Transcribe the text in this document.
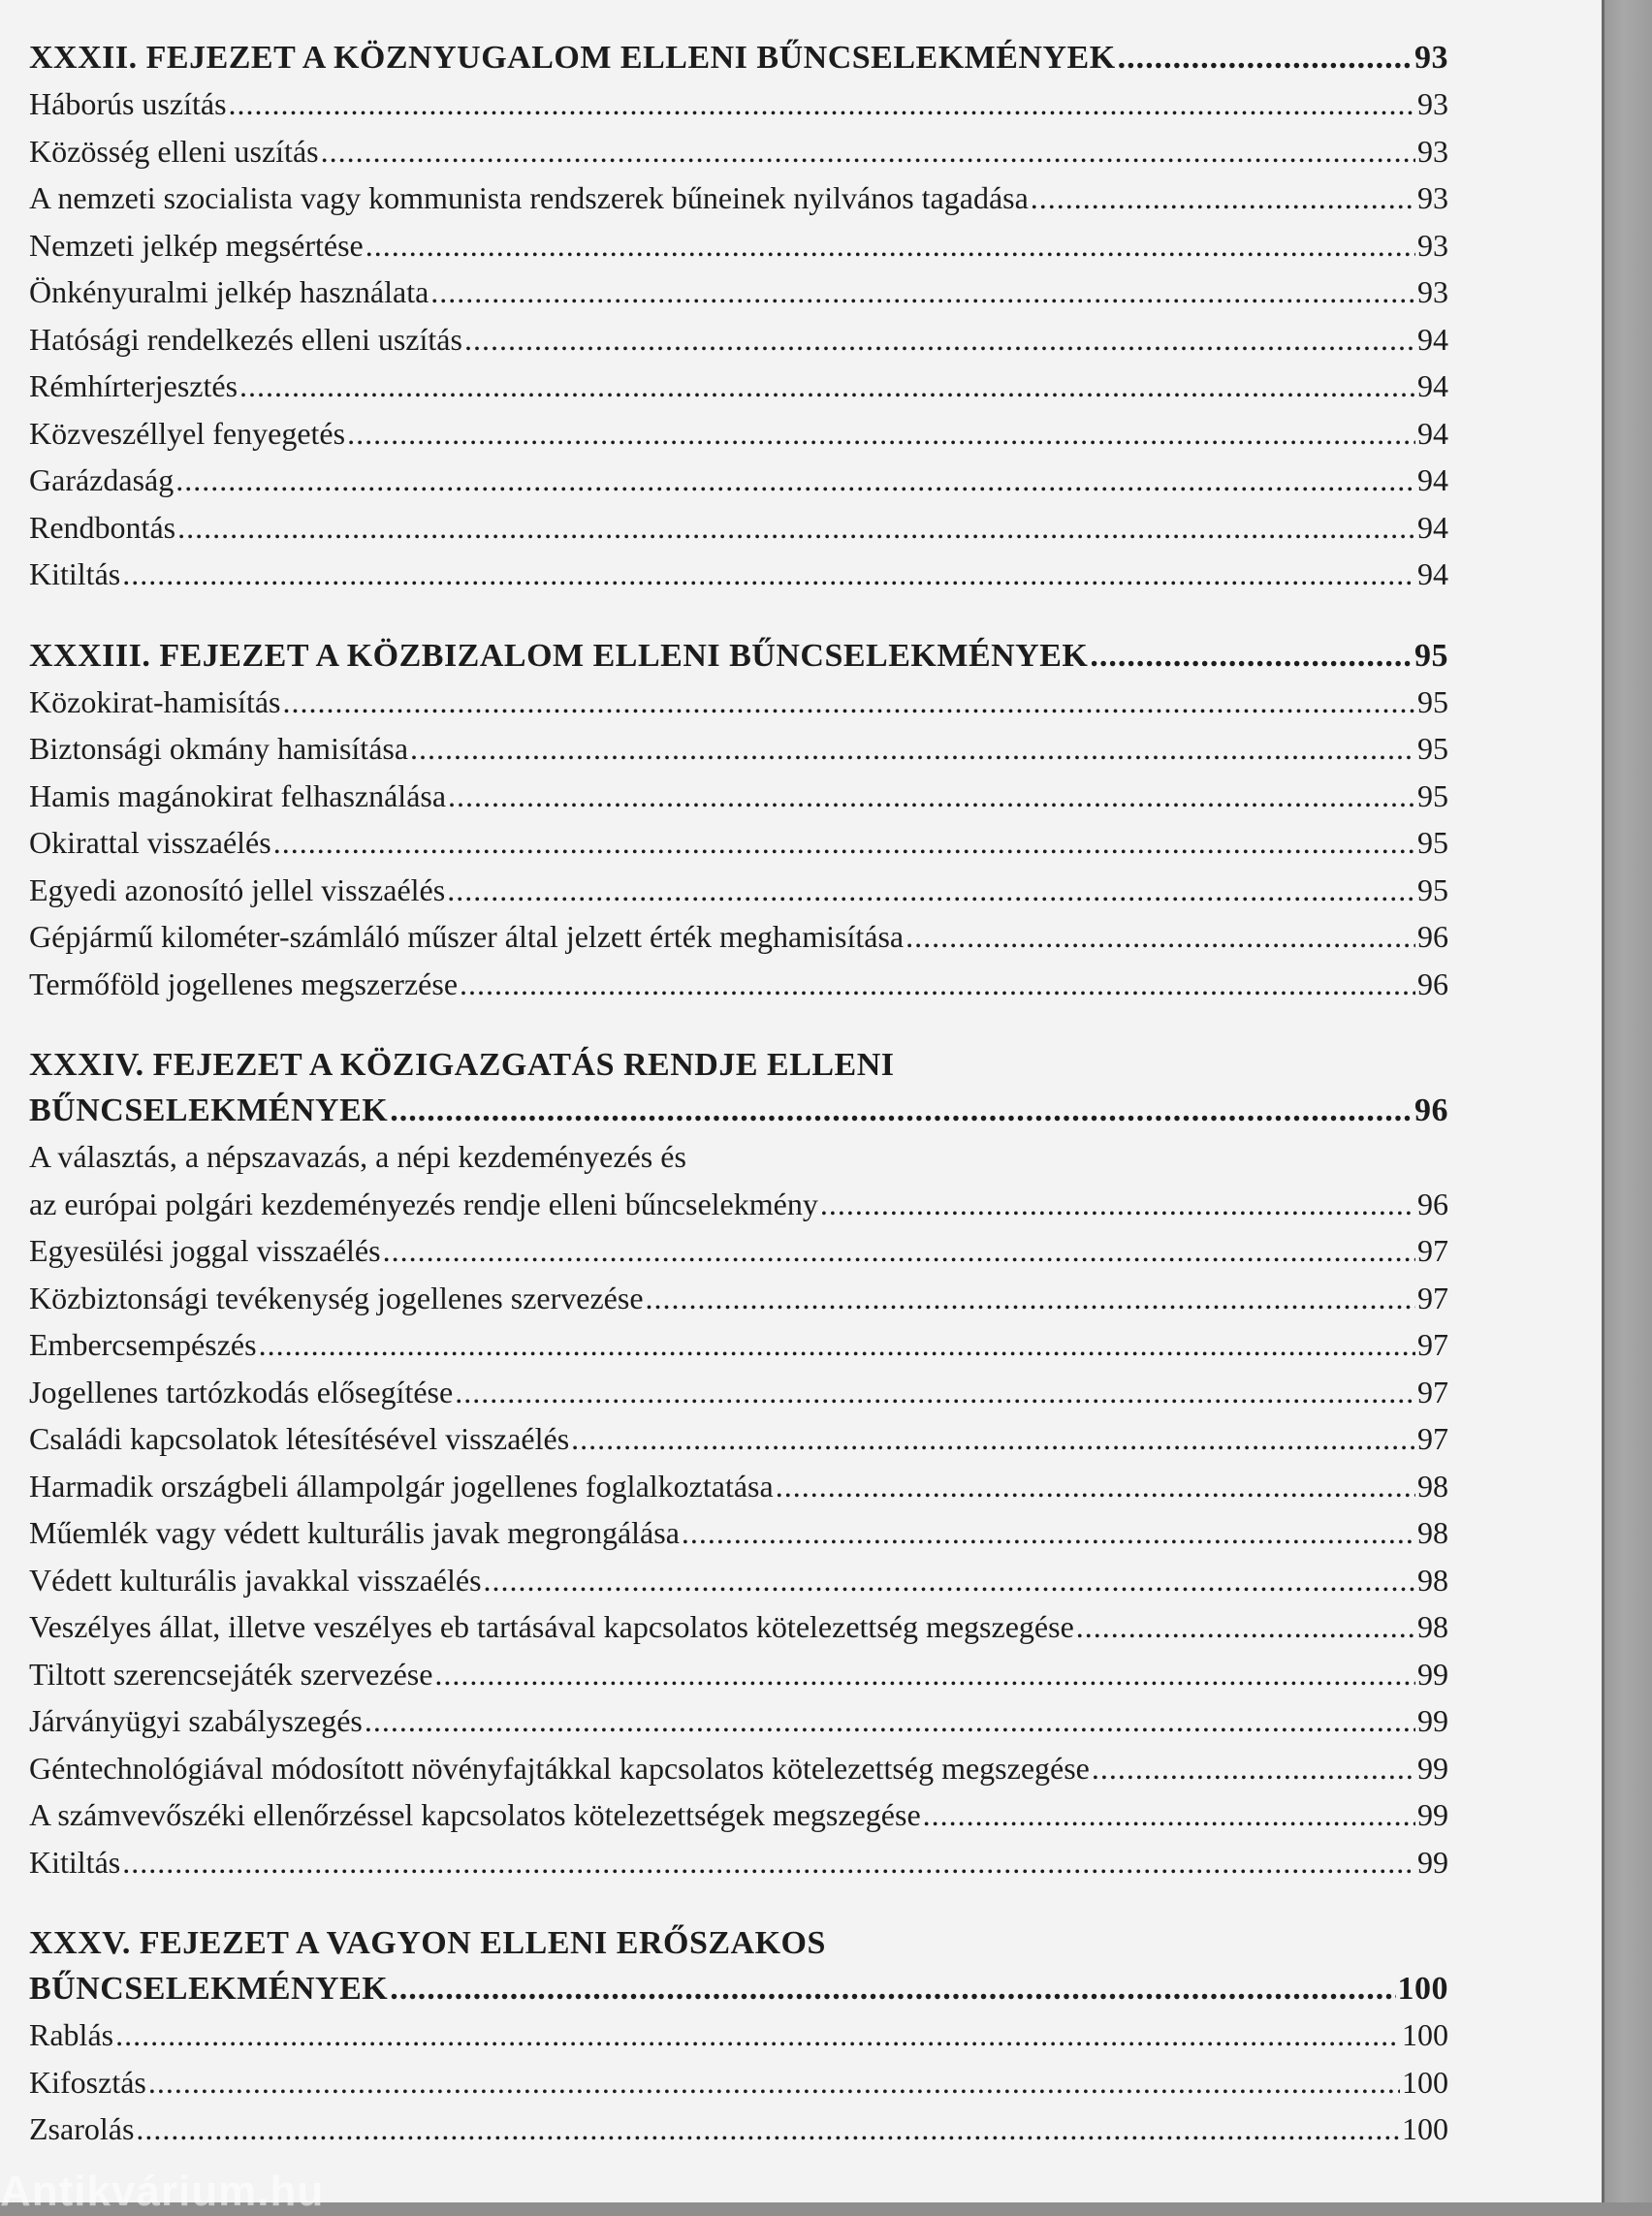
XXXII. FEJEZET A KÖZNYUGALOM ELLENI BŰNCSELEKMÉNYEK .....	93
Háborús uszítás .....	93
Közösség elleni uszítás .....	93
A nemzeti szocialista vagy kommunista rendszerek bűneinek nyilvános tagadása .....	93
Nemzeti jelkép megsértése .....	93
Önkényuralmi jelkép használata .....	93
Hatósági rendelkezés elleni uszítás .....	94
Rémhírterjesztés .....	94
Közveszéllyel fenyegetés .....	94
Garázdaság .....	94
Rendbontás .....	94
Kitiltás .....	94
XXXIII. FEJEZET A KÖZBIZALOM ELLENI BŰNCSELEKMÉNYEK .....	95
Közokirat-hamisítás .....	95
Biztonsági okmány hamisítása .....	95
Hamis magánokirat felhasználása .....	95
Okirattal visszaélés .....	95
Egyedi azonosító jellel visszaélés .....	95
Gépjármű kilométer-számláló műszer által jelzett érték meghamisítása .....	96
Termőföld jogellenes megszerzése .....	96
XXXIV. FEJEZET A KÖZIGAZGATÁS RENDJE ELLENI
BŰNCSELEKMÉNYEK .....	96
A választás, a népszavazás, a népi kezdeményezés és
az európai polgári kezdeményezés rendje elleni bűncselekmény .....	96
Egyesülési joggal visszaélés .....	97
Közbiztonsági tevékenység jogellenes szervezése .....	97
Embercsempészés .....	97
Jogellenes tartózkodás elősegítése .....	97
Családi kapcsolatok létesítésével visszaélés .....	97
Harmadik országbeli állampolgár jogellenes foglalkoztatása .....	98
Műemlék vagy védett kulturális javak megrongálása .....	98
Védett kulturális javakkal visszaélés .....	98
Veszélyes állat, illetve veszélyes eb tartásával kapcsolatos kötelezettség megszegése .....	98
Tiltott szerencsejáték szervezése .....	99
Járványügyi szabályszegés .....	99
Géntechnológiával módosított növényfajtákkal kapcsolatos kötelezettség megszegése .....	99
A számvevőszéki ellenőrzéssel kapcsolatos kötelezettségek megszegése .....	99
Kitiltás .....	99
XXXV. FEJEZET A VAGYON ELLENI ERŐSZAKOS
BŰNCSELEKMÉNYEK .....	100
Rablás .....	100
Kifosztás .....	100
Zsarolás .....	100
Antikvárium.hu
